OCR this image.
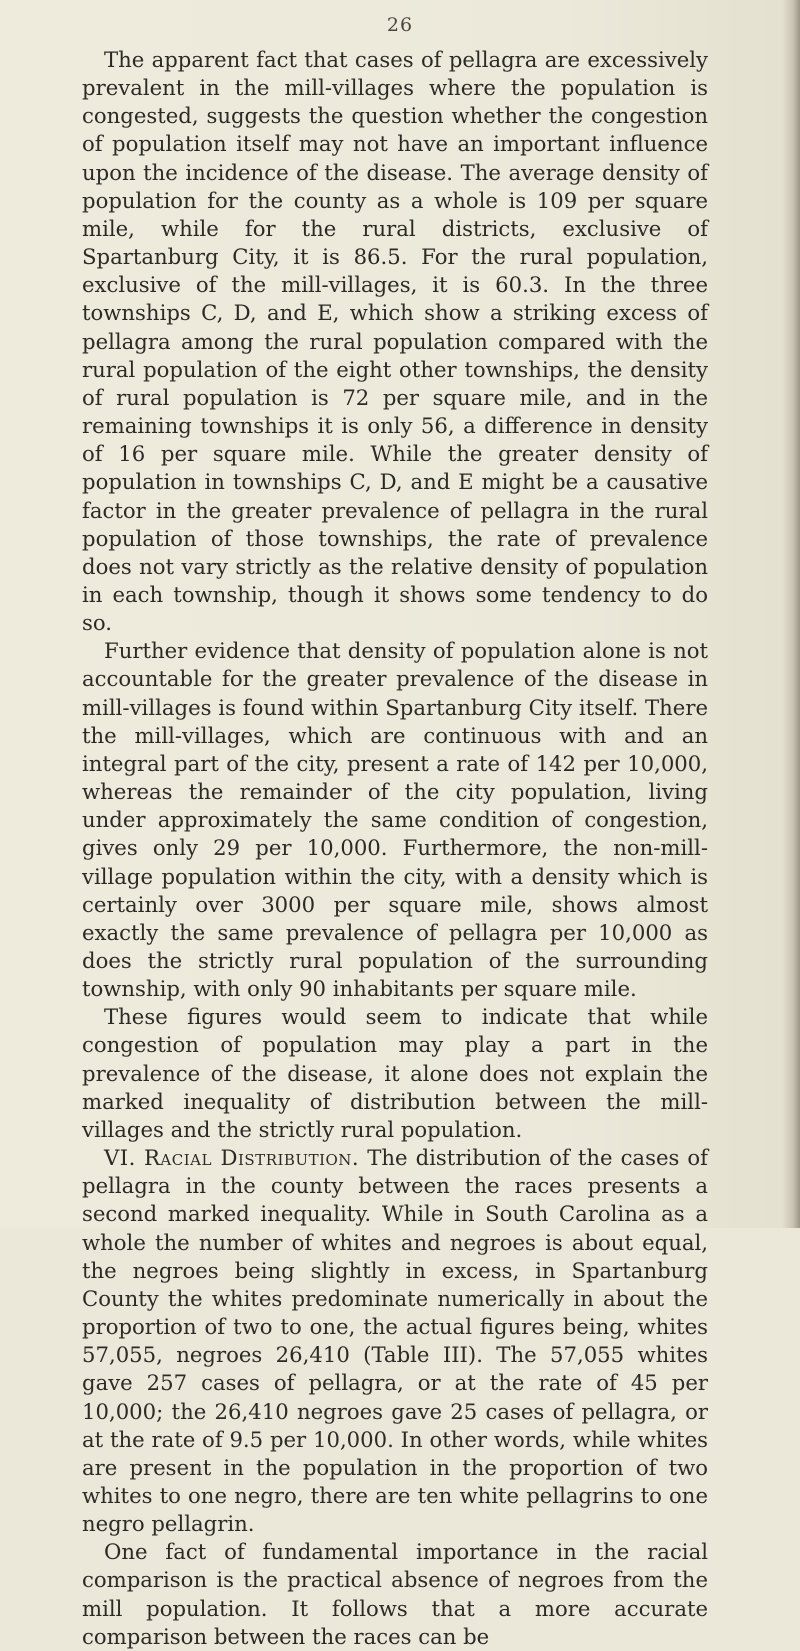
26

The apparent fact that cases of pellagra are excessively prevalent in the mill-villages where the population is congested, suggests the question whether the congestion of population itself may not have an important influence upon the incidence of the disease. The average density of population for the county as a whole is 109 per square mile, while for the rural districts, exclusive of Spartanburg City, it is 86.5. For the rural population, exclusive of the mill-villages, it is 60.3. In the three townships C, D, and E, which show a striking excess of pellagra among the rural population compared with the rural population of the eight other townships, the density of rural population is 72 per square mile, and in the remaining townships it is only 56, a difference in density of 16 per square mile. While the greater density of population in townships C, D, and E might be a causative factor in the greater prevalence of pellagra in the rural population of those townships, the rate of prevalence does not vary strictly as the relative density of population in each township, though it shows some tendency to do so.

Further evidence that density of population alone is not accountable for the greater prevalence of the disease in mill-villages is found within Spartanburg City itself. There the mill-villages, which are continuous with and an integral part of the city, present a rate of 142 per 10,000, whereas the remainder of the city population, living under approximately the same condition of congestion, gives only 29 per 10,000. Furthermore, the non-mill-village population within the city, with a density which is certainly over 3000 per square mile, shows almost exactly the same prevalence of pellagra per 10,000 as does the strictly rural population of the surrounding township, with only 90 inhabitants per square mile.

These figures would seem to indicate that while congestion of population may play a part in the prevalence of the disease, it alone does not explain the marked inequality of distribution between the mill-villages and the strictly rural population.

VI. Racial Distribution. The distribution of the cases of pellagra in the county between the races presents a second marked inequality. While in South Carolina as a whole the number of whites and negroes is about equal, the negroes being slightly in excess, in Spartanburg County the whites predominate numerically in about the proportion of two to one, the actual figures being, whites 57,055, negroes 26,410 (Table III). The 57,055 whites gave 257 cases of pellagra, or at the rate of 45 per 10,000; the 26,410 negroes gave 25 cases of pellagra, or at the rate of 9.5 per 10,000. In other words, while whites are present in the population in the proportion of two whites to one negro, there are ten white pellagrins to one negro pellagrin.

One fact of fundamental importance in the racial comparison is the practical absence of negroes from the mill population. It follows that a more accurate comparison between the races can be
